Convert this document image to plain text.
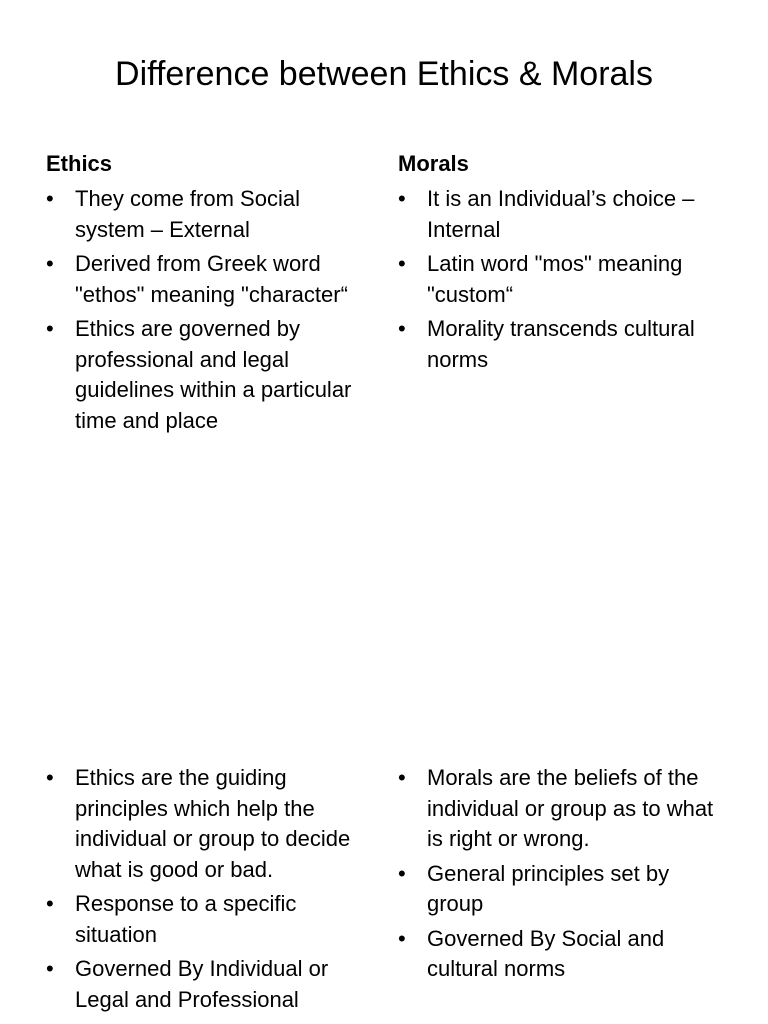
Difference between Ethics & Morals
Ethics
• They come from Social system – External
• Derived from Greek word "ethos" meaning "character“
• Ethics are governed by professional and legal guidelines within a particular time and place
Morals
• It is an Individual’s choice – Internal
• Latin word "mos" meaning "custom“
• Morality transcends cultural norms
• Ethics are the guiding principles which help the individual or group to decide what is good or bad.
• Response to a specific situation
• Governed By Individual or Legal and Professional
• Morals are the beliefs of the individual or group as to what is right or wrong.
• General principles set by group
• Governed By Social and cultural norms
